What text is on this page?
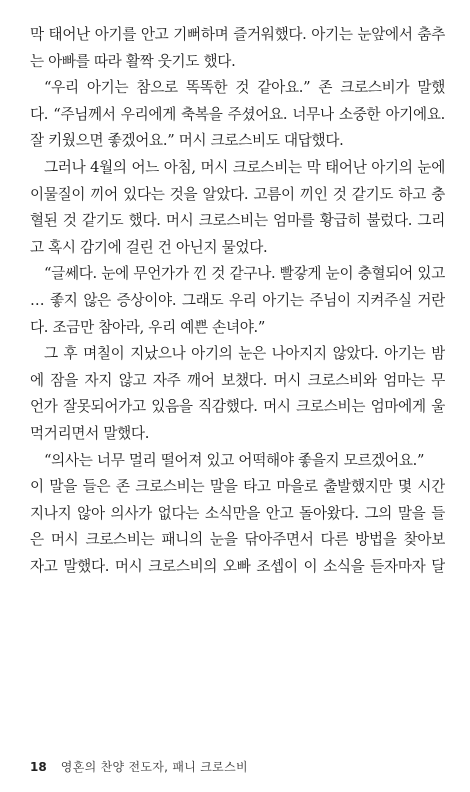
막 태어난 아기를 안고 기뻐하며 즐거워했다. 아기는 눈앞에서 춤추
는 아빠를 따라 활짝 웃기도 했다.
“우리 아기는 참으로 똑똑한 것 같아요.” 존 크로스비가 말했
다. “주님께서 우리에게 축복을 주셨어요. 너무나 소중한 아기에요.
잘 키웠으면 좋겠어요.” 머시 크로스비도 대답했다.
그러나 4월의 어느 아침, 머시 크로스비는 막 태어난 아기의 눈에
이물질이 끼어 있다는 것을 알았다. 고름이 끼인 것 같기도 하고 충
혈된 것 같기도 했다. 머시 크로스비는 엄마를 황급히 불렀다. 그리
고 혹시 감기에 걸린 건 아닌지 물었다.
“글쎄다. 눈에 무언가가 낀 것 같구나. 빨갛게 눈이 충혈되어 있고
… 좋지 않은 증상이야. 그래도 우리 아기는 주님이 지켜주실 거란
다. 조금만 참아라, 우리 예쁜 손녀야.”
그 후 며칠이 지났으나 아기의 눈은 나아지지 않았다. 아기는 밤
에 잠을 자지 않고 자주 깨어 보챘다. 머시 크로스비와 엄마는 무
언가 잘못되어가고 있음을 직감했다. 머시 크로스비는 엄마에게 울
먹거리면서 말했다.
“의사는 너무 멀리 떨어져 있고 어떡해야 좋을지 모르겠어요.”
이 말을 들은 존 크로스비는 말을 타고 마을로 출발했지만 몇 시간
지나지 않아 의사가 없다는 소식만을 안고 돌아왔다. 그의 말을 들
은 머시 크로스비는 패니의 눈을 닦아주면서 다른 방법을 찾아보
자고 말했다. 머시 크로스비의 오빠 조셉이 이 소식을 듣자마자 달
18 영혼의 찬양 전도자, 패니 크로스비
